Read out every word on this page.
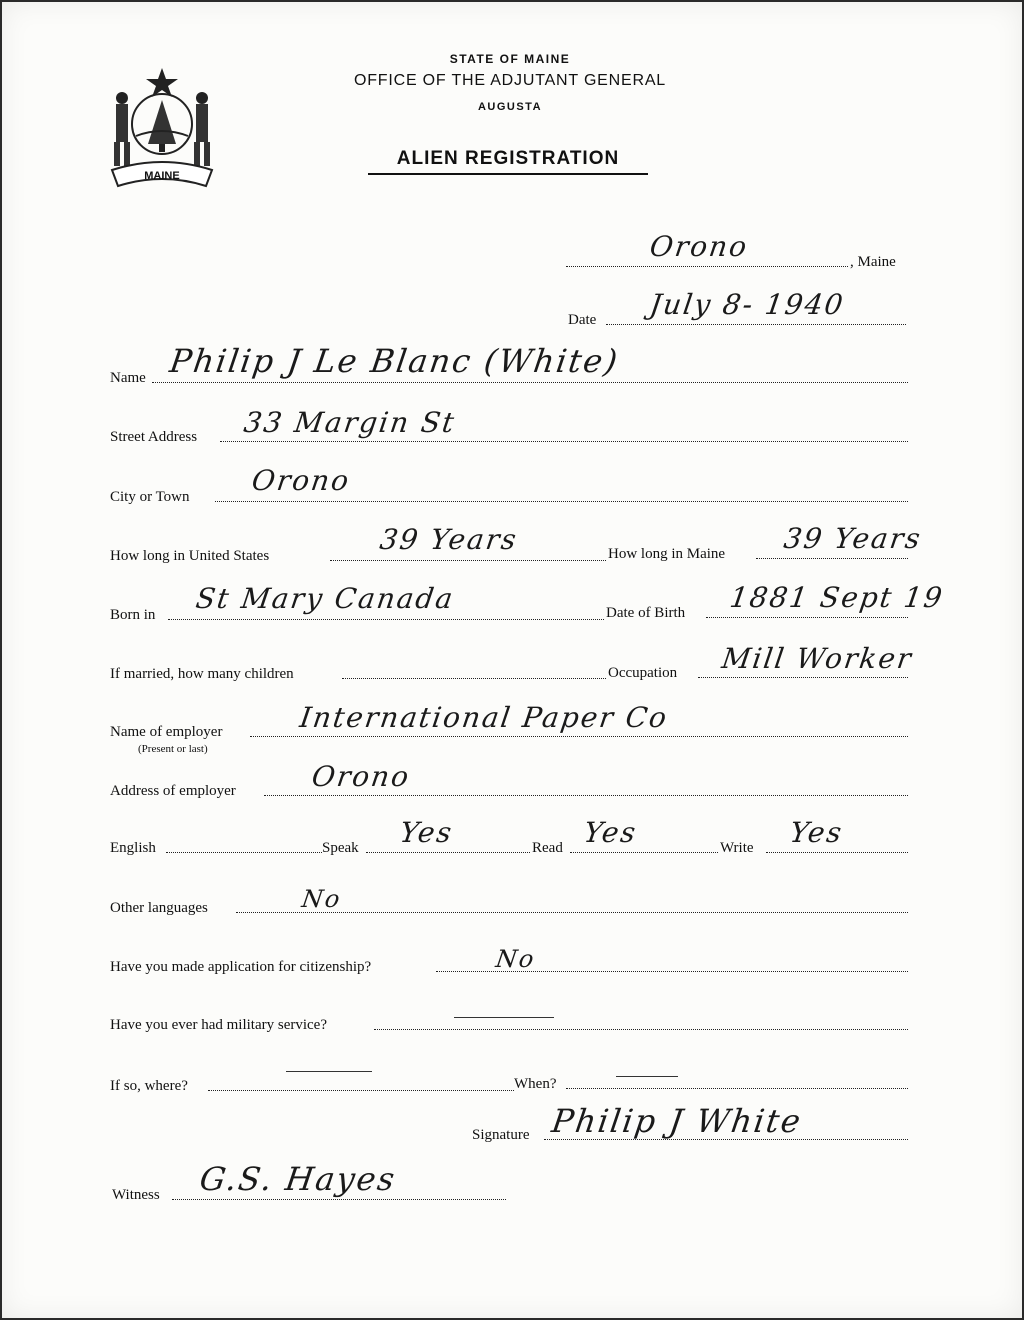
MAINE
STATE OF MAINE
OFFICE OF THE ADJUTANT GENERAL
AUGUSTA
ALIEN REGISTRATION
Orono	, Maine
Date July 8- 1940
Name Philip J Le Blanc (White)
Street Address 33 Margin St
City or Town Orono
How long in United States	39 Years	How long in Maine 39 Years
Born in St Mary Canada	Date of Birth 1881 Sept 19
If married, how many children	Occupation Mill Worker
Name of employer
(Present or last)
International Paper Co
Address of employer	Orono
English	Speak Yes	Read Yes	Write Yes
Other languages	No
Have you made application for citizenship?	No
Have you ever had military service?
If so, where?	When?
Signature Philip J White
Witness G.S. Hayes
